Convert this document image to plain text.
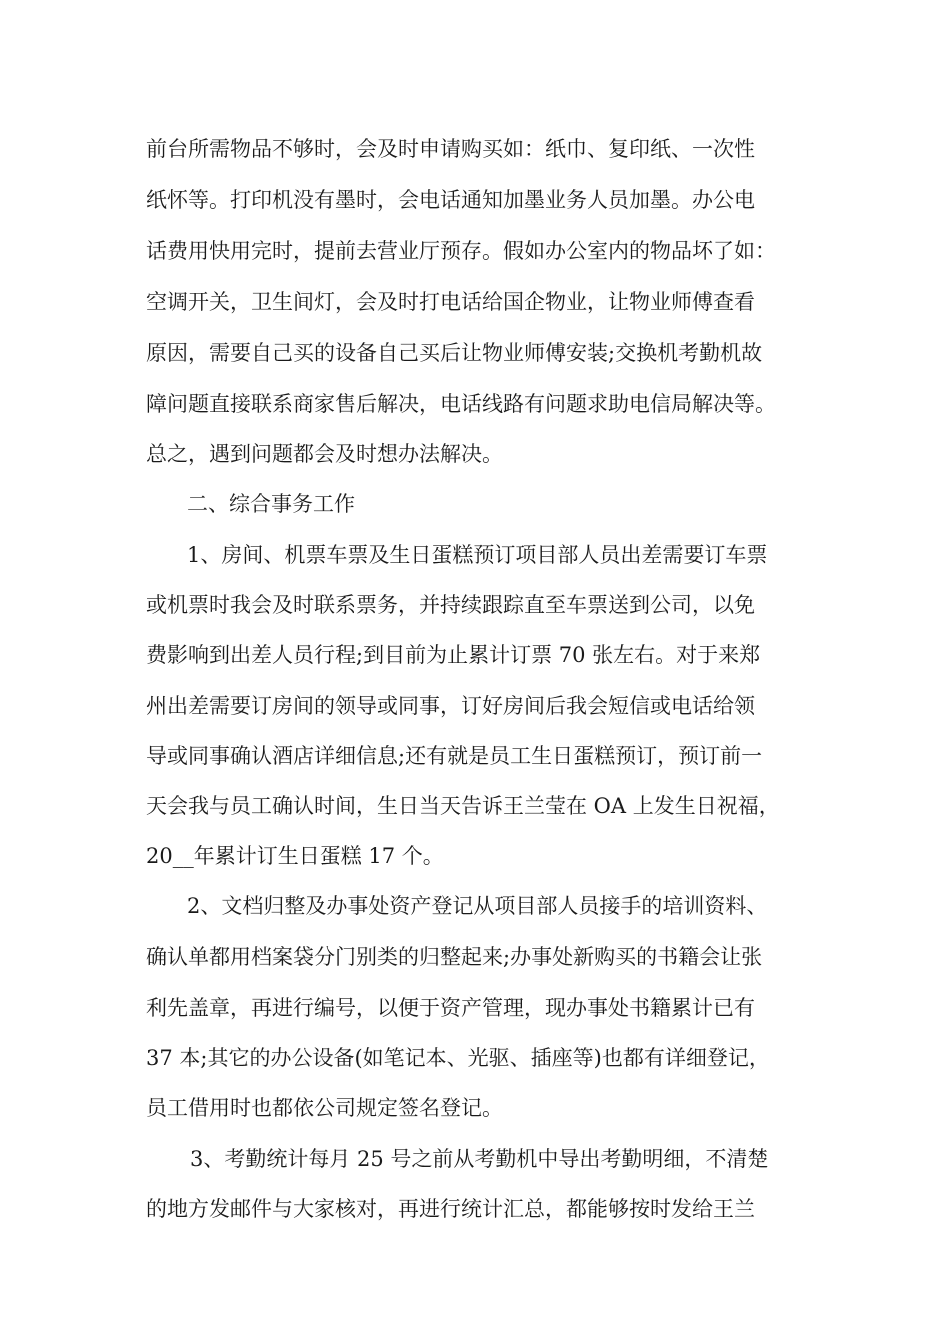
前台所需物品不够时，会及时申请购买如：纸巾、复印纸、一次性

纸怀等。打印机没有墨时，会电话通知加墨业务人员加墨。办公电

话费用快用完时，提前去营业厅预存。假如办公室内的物品坏了如：

空调开关，卫生间灯，会及时打电话给国企物业，让物业师傅查看

原因，需要自己买的设备自己买后让物业师傅安装;交换机考勤机故

障问题直接联系商家售后解决，电话线路有问题求助电信局解决等。

总之，遇到问题都会及时想办法解决。

二、综合事务工作

1、房间、机票车票及生日蛋糕预订项目部人员出差需要订车票

或机票时我会及时联系票务，并持续跟踪直至车票送到公司，以免

费影响到出差人员行程;到目前为止累计订票 70 张左右。对于来郑

州出差需要订房间的领导或同事，订好房间后我会短信或电话给领

导或同事确认酒店详细信息;还有就是员工生日蛋糕预订，预订前一

天会我与员工确认时间，生日当天告诉王兰莹在 OA 上发生日祝福，

20__年累计订生日蛋糕 17 个。

2、文档归整及办事处资产登记从项目部人员接手的培训资料、

确认单都用档案袋分门别类的归整起来;办事处新购买的书籍会让张

利先盖章，再进行编号，以便于资产管理，现办事处书籍累计已有

37 本;其它的办公设备(如笔记本、光驱、插座等)也都有详细登记，

员工借用时也都依公司规定签名登记。

3、考勤统计每月 25 号之前从考勤机中导出考勤明细，不清楚

的地方发邮件与大家核对，再进行统计汇总，都能够按时发给王兰
